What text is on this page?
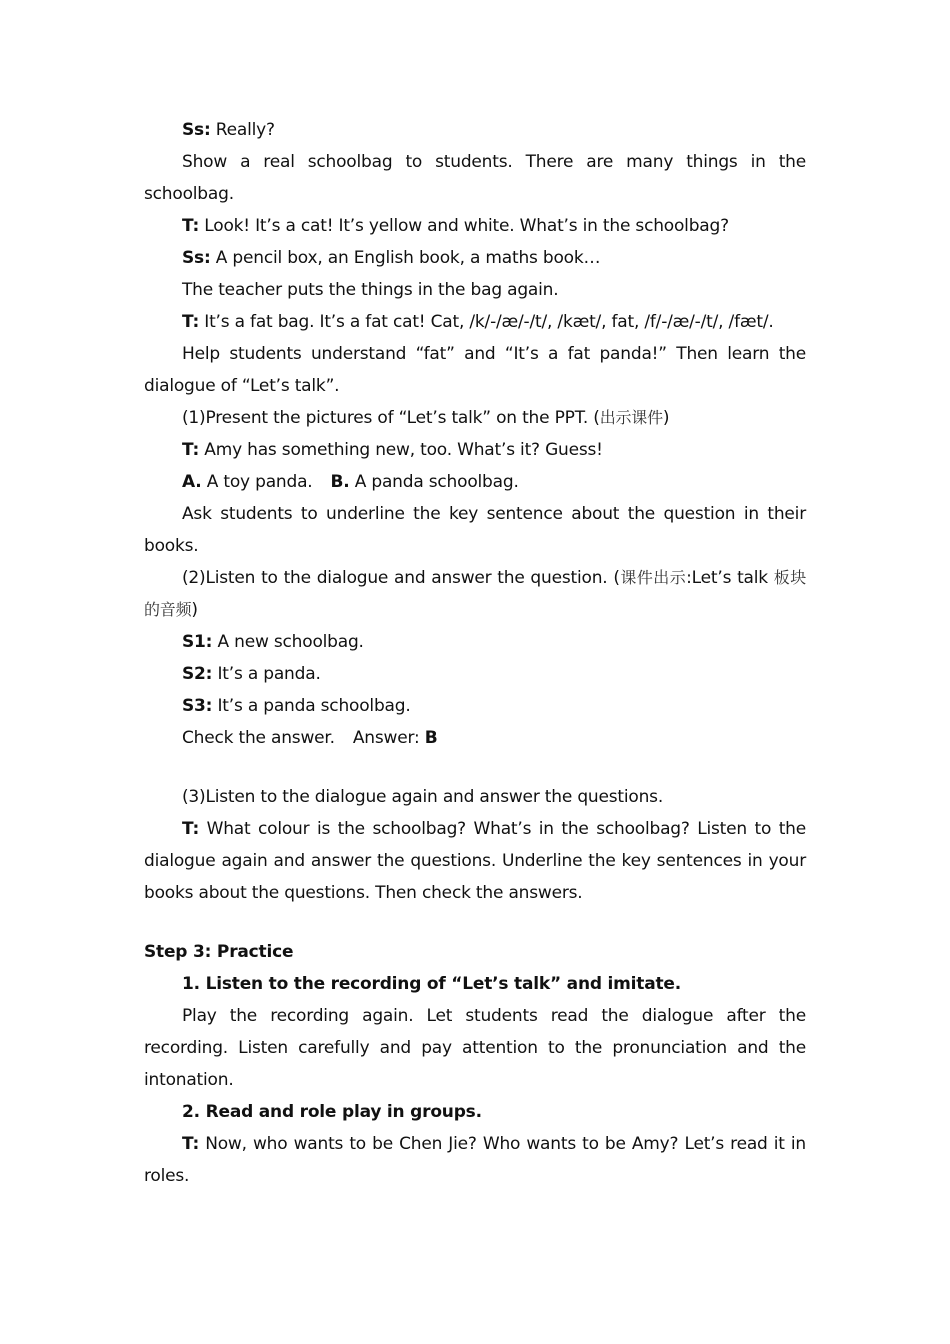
Ss: Really?

Show a real schoolbag to students. There are many things in the schoolbag.

T: Look! It’s a cat! It’s yellow and white. What’s in the schoolbag?

Ss: A pencil box, an English book, a maths book…

The teacher puts the things in the bag again.

T: It’s a fat bag. It’s a fat cat! Cat, /k/-/æ/-/t/, /kæt/, fat, /f/-/æ/-/t/, /fæt/.

Help students understand “fat” and “It’s a fat panda!” Then learn the dialogue of “Let’s talk”.

(1)Present the pictures of “Let’s talk” on the PPT. (出示课件)

T: Amy has something new, too. What’s it? Guess!

A. A toy panda. B. A panda schoolbag.

Ask students to underline the key sentence about the question in their books.

(2)Listen to the dialogue and answer the question. (课件出示:Let’s talk 板块的音频)

S1: A new schoolbag.

S2: It’s a panda.

S3: It’s a panda schoolbag.

Check the answer. Answer: B

(3)Listen to the dialogue again and answer the questions.

T: What colour is the schoolbag? What’s in the schoolbag? Listen to the dialogue again and answer the questions. Underline the key sentences in your books about the questions. Then check the answers.

Step 3: Practice

1. Listen to the recording of “Let’s talk” and imitate.

Play the recording again. Let students read the dialogue after the recording. Listen carefully and pay attention to the pronunciation and the intonation.

2. Read and role play in groups.

T: Now, who wants to be Chen Jie? Who wants to be Amy? Let’s read it in roles.
